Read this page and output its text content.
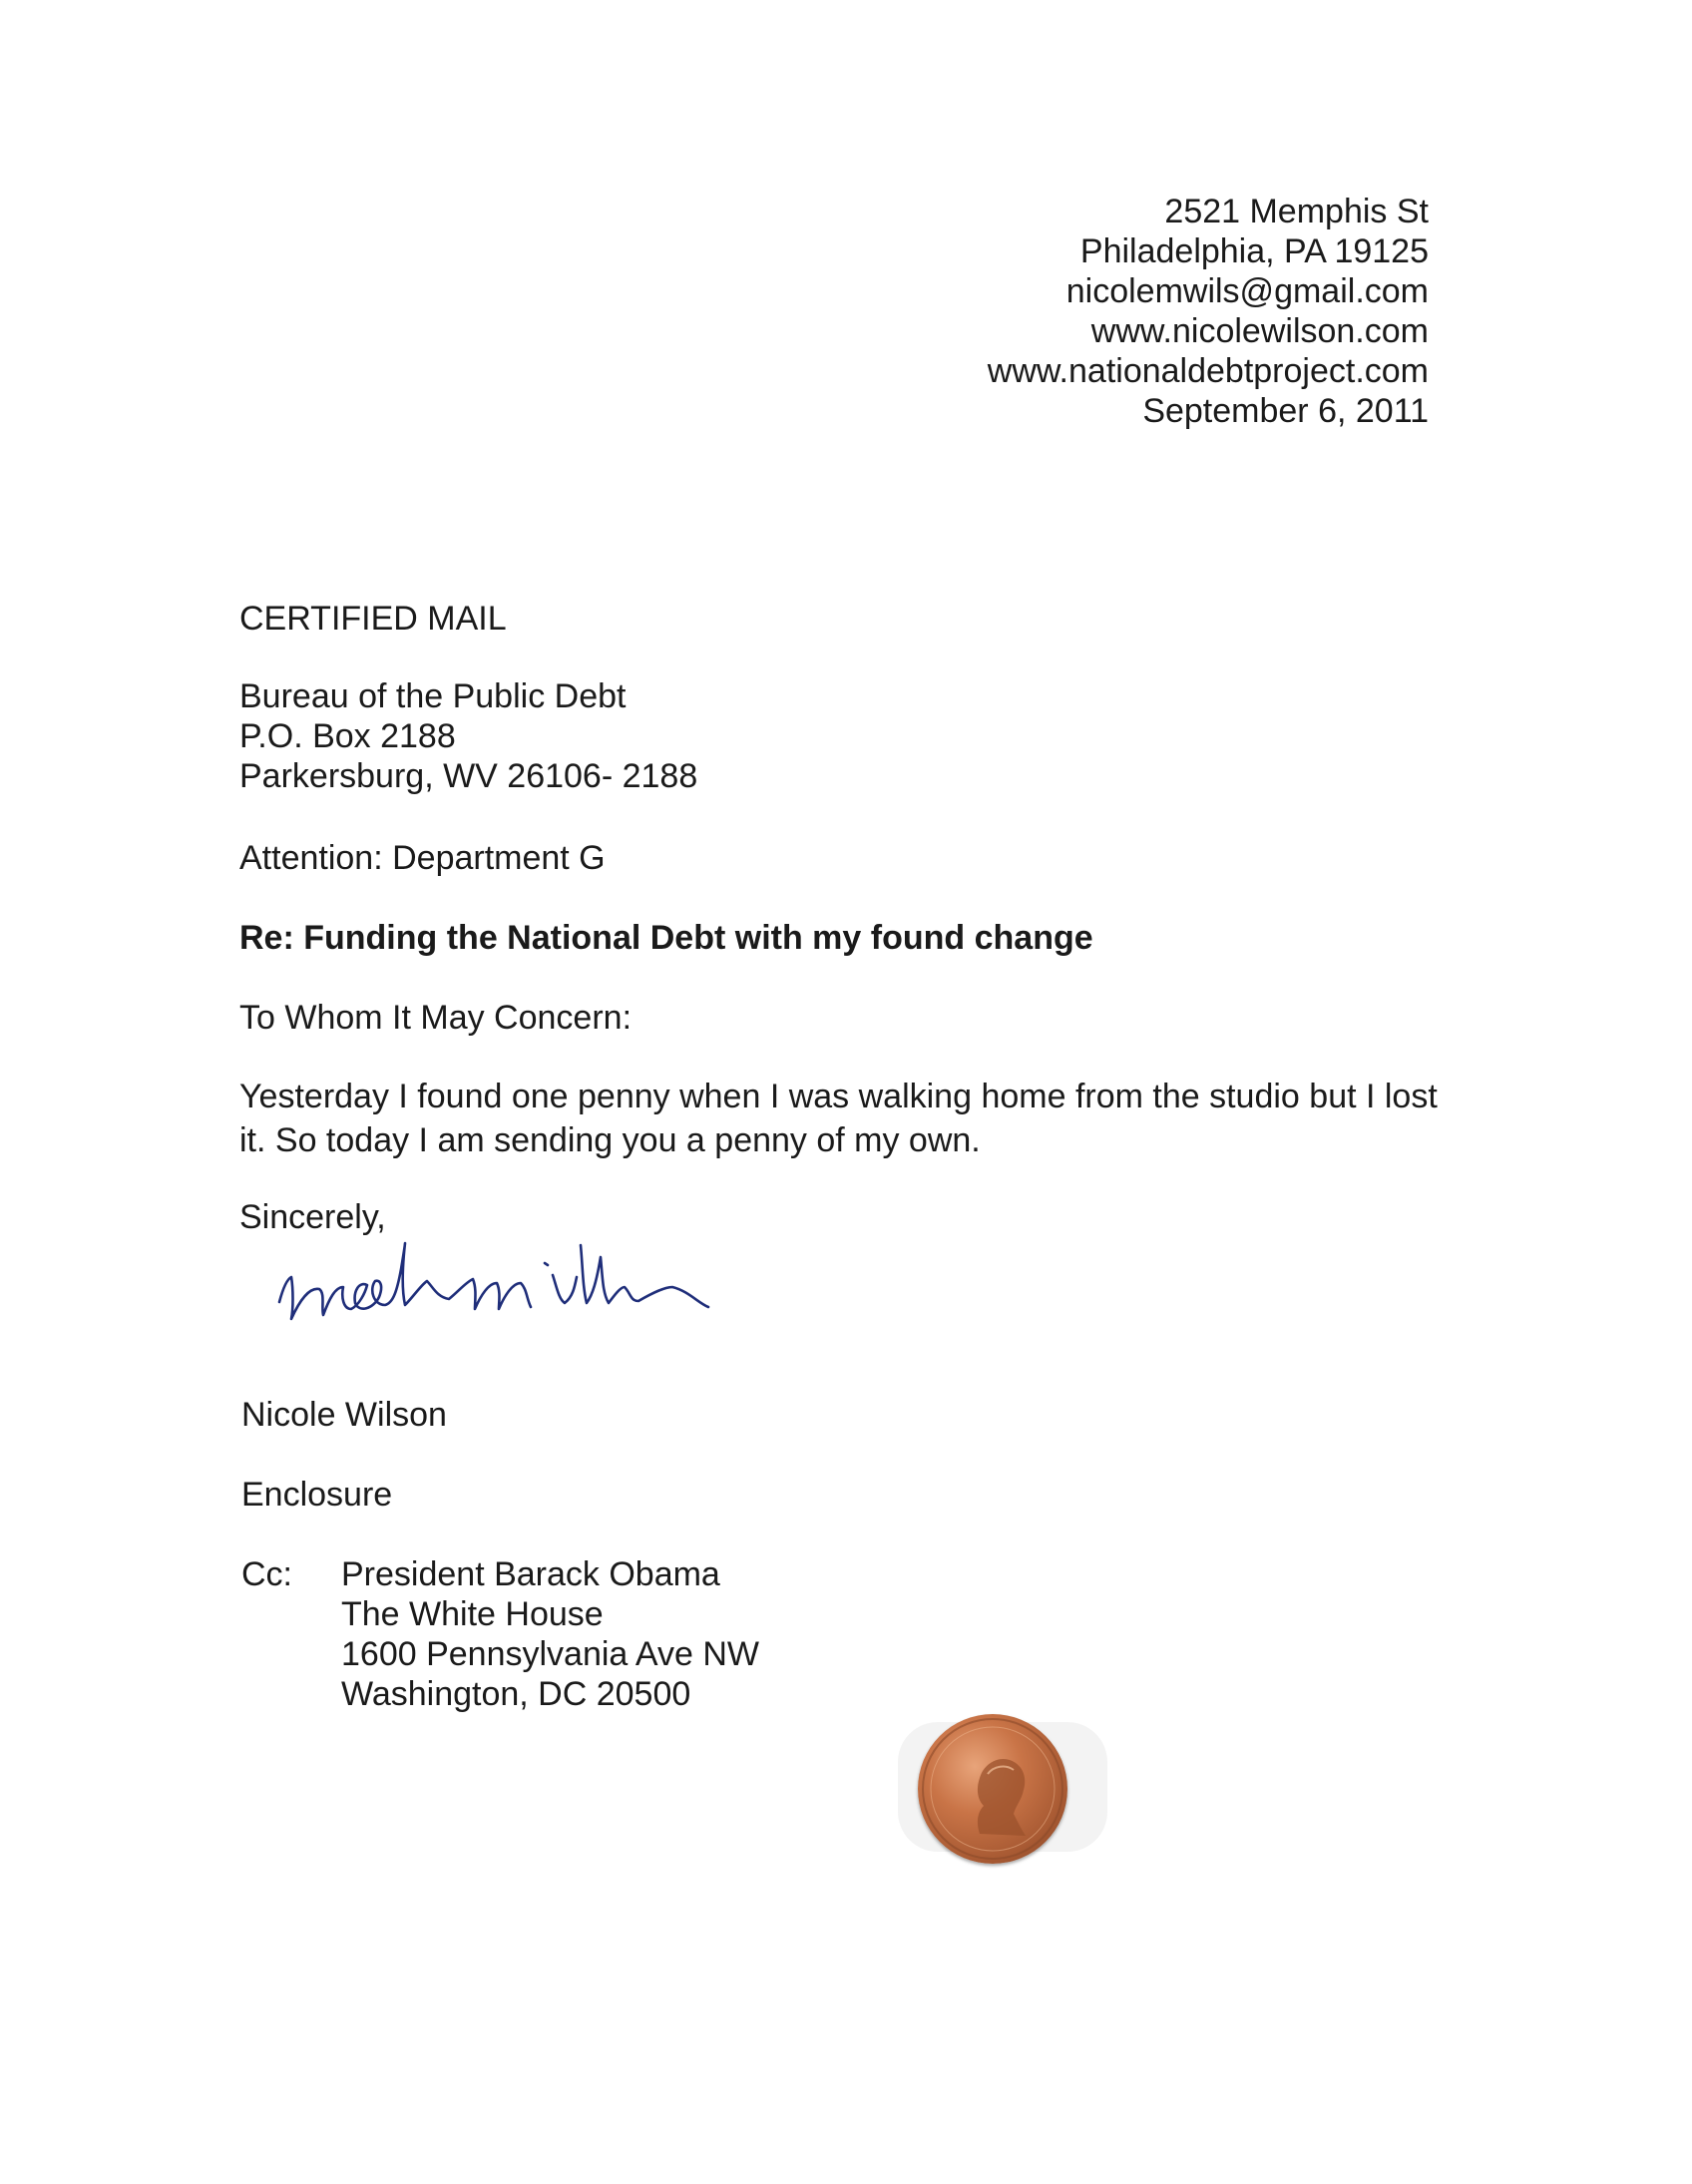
2521 Memphis St
Philadelphia, PA 19125
nicolemwils@gmail.com
www.nicolewilson.com
www.nationaldebtproject.com
September 6, 2011
CERTIFIED MAIL
Bureau of the Public Debt
P.O. Box 2188
Parkersburg, WV 26106- 2188
Attention: Department G
Re: Funding the National Debt with my found change
To Whom It May Concern:
Yesterday I found one penny when I was walking home from the studio but I lost it. So today I am sending you a penny of my own.
Sincerely,
Nicole Wilson
Enclosure
Cc: President Barack Obama
The White House
1600 Pennsylvania Ave NW
Washington, DC 20500
